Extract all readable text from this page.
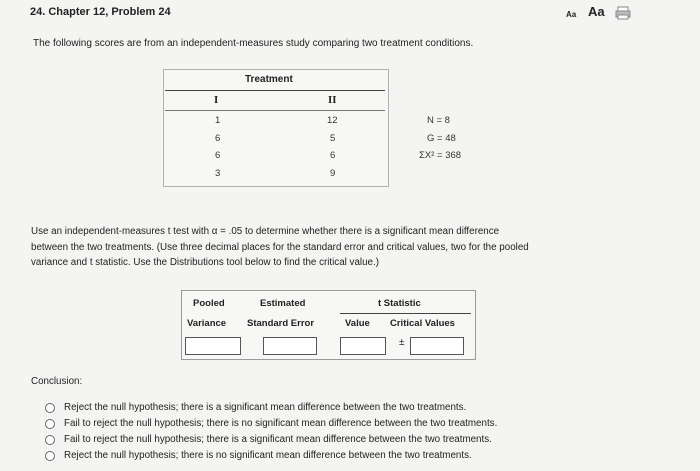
24. Chapter 12, Problem 24	Aa Aa
The following scores are from an independent-measures study comparing two treatment conditions.
Treatment
I	II
1
6
6
3
12
5
6
9
N = 8
G = 48
ΣX² = 368
Use an independent-measures t test with α = .05 to determine whether there is a significant mean difference
between the two treatments. (Use three decimal places for the standard error and critical values, two for the pooled
variance and t statistic. Use the Distributions tool below to find the critical value.)
Pooled
Variance
Estimated
Standard Error
t Statistic
Value Critical Values
±
Conclusion:
Reject the null hypothesis; there is a significant mean difference between the two treatments.
Fail to reject the null hypothesis; there is no significant mean difference between the two treatments.
Fail to reject the null hypothesis; there is a significant mean difference between the two treatments.
Reject the null hypothesis; there is no significant mean difference between the two treatments.
